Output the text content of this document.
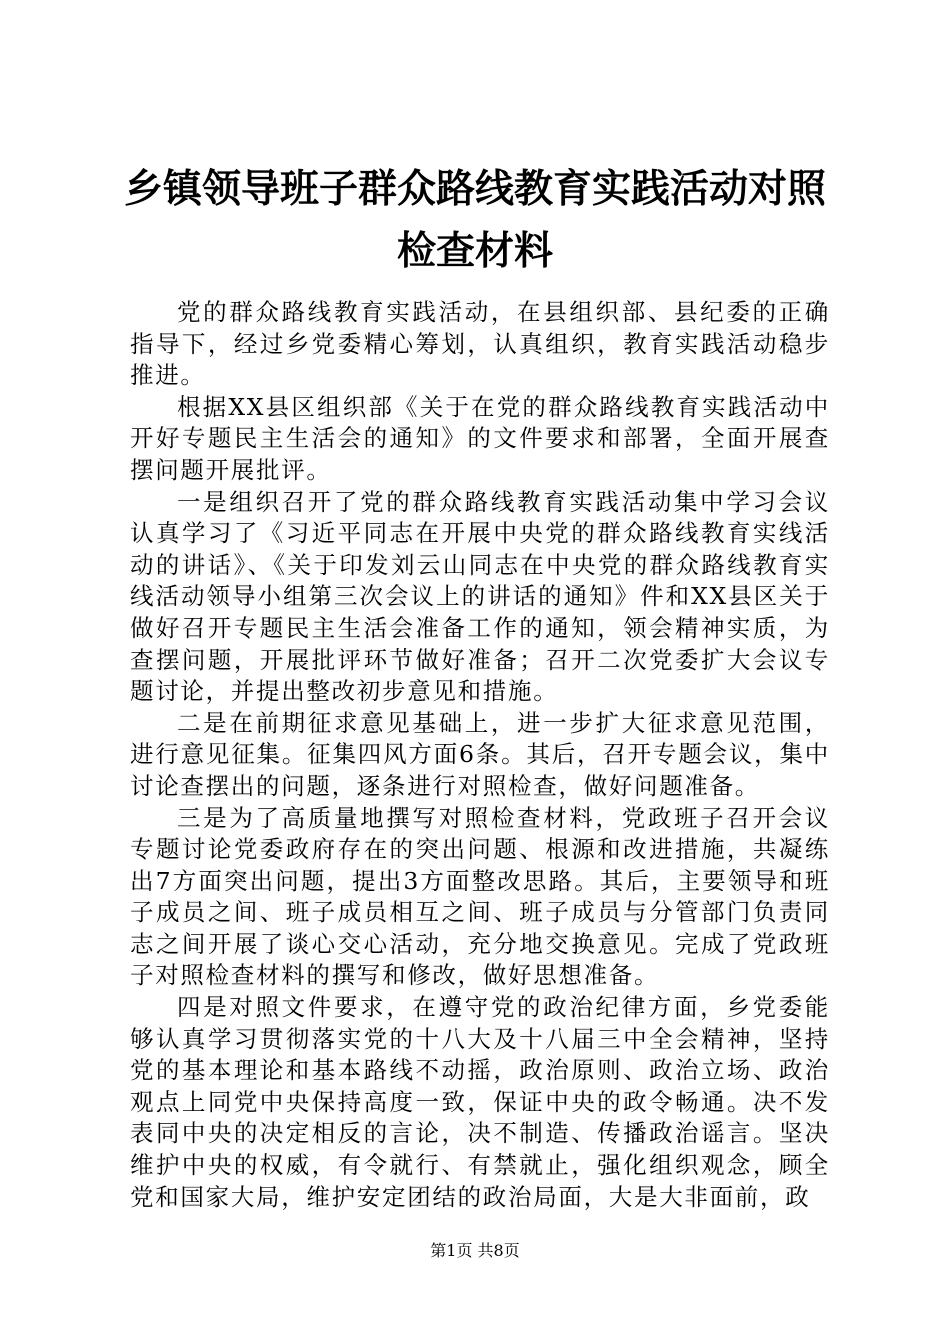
乡镇领导班子群众路线教育实践活动对照检查材料

党的群众路线教育实践活动，在县组织部、县纪委的正确指导下，经过乡党委精心筹划，认真组织，教育实践活动稳步推进。

根据XX县区组织部《关于在党的群众路线教育实践活动中开好专题民主生活会的通知》的文件要求和部署，全面开展查摆问题开展批评。

一是组织召开了党的群众路线教育实践活动集中学习会议认真学习了《习近平同志在开展中央党的群众路线教育实线活动的讲话》、《关于印发刘云山同志在中央党的群众路线教育实线活动领导小组第三次会议上的讲话的通知》件和XX县区关于做好召开专题民主生活会准备工作的通知，领会精神实质，为查摆问题，开展批评环节做好准备；召开二次党委扩大会议专题讨论，并提出整改初步意见和措施。

二是在前期征求意见基础上，进一步扩大征求意见范围，进行意见征集。征集四风方面6条。其后，召开专题会议，集中讨论查摆出的问题，逐条进行对照检查，做好问题准备。

三是为了高质量地撰写对照检查材料，党政班子召开会议专题讨论党委政府存在的突出问题、根源和改进措施，共凝练出7方面突出问题，提出3方面整改思路。其后，主要领导和班子成员之间、班子成员相互之间、班子成员与分管部门负责同志之间开展了谈心交心活动，充分地交换意见。完成了党政班子对照检查材料的撰写和修改，做好思想准备。

四是对照文件要求，在遵守党的政治纪律方面，乡党委能够认真学习贯彻落实党的十八大及十八届三中全会精神，坚持党的基本理论和基本路线不动摇，政治原则、政治立场、政治观点上同党中央保持高度一致，保证中央的政令畅通。决不发表同中央的决定相反的言论，决不制造、传播政治谣言。坚决维护中央的权威，有令就行、有禁就止，强化组织观念，顾全党和国家大局，维护安定团结的政治局面，大是大非面前，政

第1页 共8页
